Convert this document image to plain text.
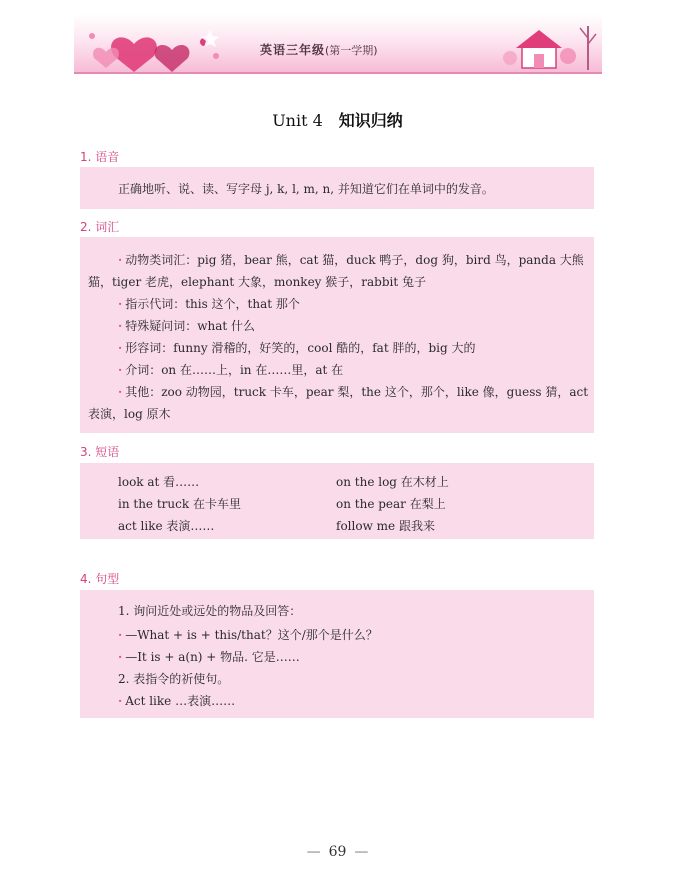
英语三年级(第一学期)
Unit 4 知识归纳
1. 语音
正确地听、说、读、写字母 j, k, l, m, n, 并知道它们在单词中的发音。
2. 词汇
· 动物类词汇：pig 猪，bear 熊，cat 猫，duck 鸭子，dog 狗，bird 鸟，panda 大熊
猫，tiger 老虎，elephant 大象，monkey 猴子，rabbit 兔子
· 指示代词：this 这个，that 那个
· 特殊疑问词：what 什么
· 形容词：funny 滑稽的，好笑的，cool 酷的，fat 胖的，big 大的
· 介词：on 在……上，in 在……里，at 在
· 其他：zoo 动物园，truck 卡车，pear 梨，the 这个，那个，like 像，guess 猜，act
表演，log 原木
3. 短语
look at 看……	on the log 在木材上
in the truck 在卡车里	on the pear 在梨上
act like 表演……	follow me 跟我来
4. 句型
1. 询问近处或远处的物品及回答：
· —What + is + this/that？这个/那个是什么？
· —It is + a(n) + 物品. 它是……
2. 表指令的祈使句。
· Act like …表演……
— 69 —
